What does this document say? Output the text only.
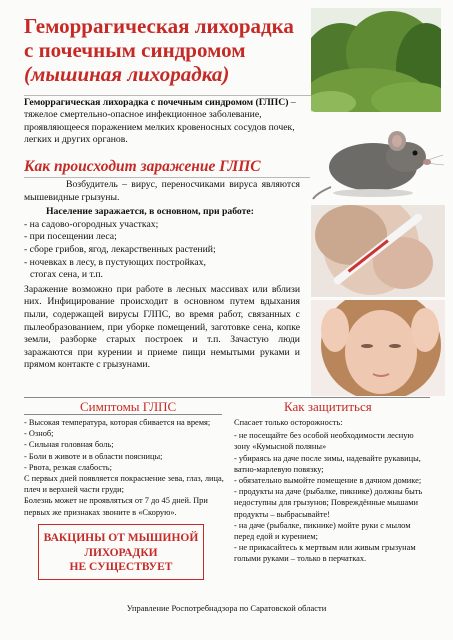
Геморрагическая лихорадка
с почечным синдромом
(мышиная лихорадка)
Геморрагическая лихорадка с почечным синдромом (ГЛПС) – тяжелое смертельно-опасное инфекционное заболевание, проявляющееся поражением мелких кровеносных сосудов почек, легких и других органов.
Как происходит заражение ГЛПС

Возбудитель – вирус, переносчиками вируса являются мышевидные грызуны.

Население заражается, в основном, при работе:

- на садово-огородных участках;

- при посещении леса;

- сборе грибов, ягод, лекарственных растений;

- ночевках в лесу, в пустующих постройках,

стогах сена, и т.п.

Заражение возможно при работе в лесных массивах или вблизи них. Инфицирование происходит в основном путем вдыхания пыли, содержащей вирусы ГЛПС, во время работ, связанных с пылеобразованием, при уборке помещений, заготовке сена, копке земли, разборке старых построек и т.п. Зачастую люди заражаются при курении и приеме пищи немытыми руками и прямом контакте с грызунами.

Симптомы ГЛПС

- Высокая температура, которая сбивается на время;

- Озноб;

- Сильная головная боль;

- Боли в животе и в области поясницы;

- Рвота, резкая слабость;

С первых дней появляется покраснение зева, глаз, лица, плеч и верхней части груди;

Болезнь может не проявляться от 7 до 45 дней. При первых же признаках звоните в «Скорую».

ВАКЦИНЫ ОТ МЫШИНОЙ
ЛИХОРАДКИ
НЕ СУЩЕСТВУЕТ
Как защититься

Спасает только осторожность:

- не посещайте без особой необходимости лесную зону «Кумысной поляны»

- убираясь на даче после зимы, надевайте рукавицы, ватно-марлевую повязку;

- обязательно вымойте помещение в дачном домике;

- продукты на даче (рыбалке, пикнике) должны быть недоступны для грызунов; Повреждённые мышами продукты – выбрасывайте!

- на даче (рыбалке, пикнике) мойте руки с мылом перед едой и курением;

- не прикасайтесь к мертвым или живым грызунам голыми руками – только в перчатках.

Управление Роспотребнадзора по Саратовской области
